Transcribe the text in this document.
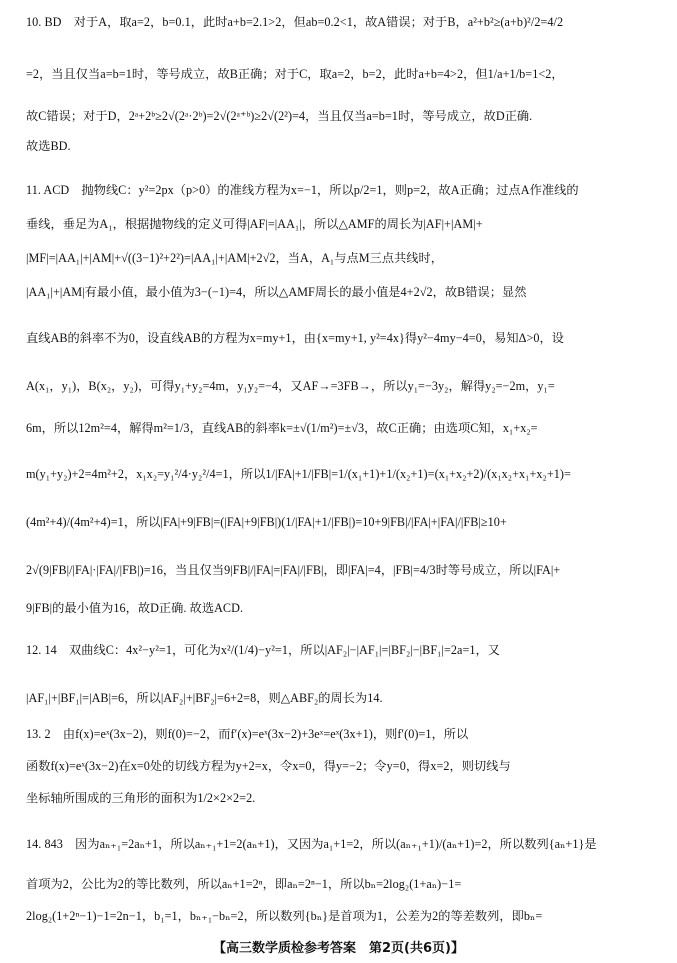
10. BD　对于A，取a=2，b=0.1，此时a+b=2.1>2，但ab=0.2<1，故A错误；对于B，a²+b²≥(a+b)²/2=4/2
=2，当且仅当a=b=1时，等号成立，故B正确；对于C，取a=2，b=2，此时a+b=4>2，但1/a+1/b=1<2，
故C错误；对于D，2ᵃ+2ᵇ≥2√(2ᵃ·2ᵇ)=2√(2ᵃ⁺ᵇ)≥2√(2²)=4，当且仅当a=b=1时，等号成立，故D正确.
故选BD.
11. ACD　抛物线C：y²=2px（p>0）的准线方程为x=−1，所以p/2=1，则p=2，故A正确；过点A作准线的
垂线，垂足为A₁，根据抛物线的定义可得|AF|=|AA₁|，所以△AMF的周长为|AF|+|AM|+
|MF|=|AA₁|+|AM|+√((3−1)²+2²)=|AA₁|+|AM|+2√2，当A，A₁与点M三点共线时，
|AA₁|+|AM|有最小值，最小值为3−(−1)=4，所以△AMF周长的最小值是4+2√2，故B错误；显然
直线AB的斜率不为0，设直线AB的方程为x=my+1，由{x=my+1, y²=4x}得y²−4my−4=0，易知Δ>0，设
A(x₁，y₁)，B(x₂，y₂)，可得y₁+y₂=4m，y₁y₂=−4，又AF→=3FB→，所以y₁=−3y₂，解得y₂=−2m，y₁=
6m，所以12m²=4，解得m²=1/3，直线AB的斜率k=±√(1/m²)=±√3，故C正确；由选项C知，x₁+x₂=
m(y₁+y₂)+2=4m²+2，x₁x₂=y₁²/4·y₂²/4=1，所以1/|FA|+1/|FB|=1/(x₁+1)+1/(x₂+1)=(x₁+x₂+2)/(x₁x₂+x₁+x₂+1)=
(4m²+4)/(4m²+4)=1，所以|FA|+9|FB|=(|FA|+9|FB|)(1/|FA|+1/|FB|)=10+9|FB|/|FA|+|FA|/|FB|≥10+
2√(9|FB|/|FA|·|FA|/|FB|)=16，当且仅当9|FB|/|FA|=|FA|/|FB|，即|FA|=4，|FB|=4/3时等号成立，所以|FA|+
9|FB|的最小值为16，故D正确. 故选ACD.
12. 14　双曲线C：4x²−y²=1，可化为x²/(1/4)−y²=1，所以|AF₂|−|AF₁|=|BF₂|−|BF₁|=2a=1，又
|AF₁|+|BF₁|=|AB|=6，所以|AF₂|+|BF₂|=6+2=8，则△ABF₂的周长为14.
13. 2　由f(x)=eˣ(3x−2)，则f(0)=−2，而f′(x)=eˣ(3x−2)+3eˣ=eˣ(3x+1)，则f′(0)=1，所以
函数f(x)=eˣ(3x−2)在x=0处的切线方程为y+2=x，令x=0，得y=−2；令y=0，得x=2，则切线与
坐标轴所围成的三角形的面积为1/2×2×2=2.
14. 843　因为aₙ₊₁=2aₙ+1，所以aₙ₊₁+1=2(aₙ+1)，又因为a₁+1=2，所以(aₙ₊₁+1)/(aₙ+1)=2，所以数列{aₙ+1}是
首项为2，公比为2的等比数列，所以aₙ+1=2ⁿ，即aₙ=2ⁿ−1，所以bₙ=2log₂(1+aₙ)−1=
2log₂(1+2ⁿ−1)−1=2n−1，b₁=1，bₙ₊₁−bₙ=2，所以数列{bₙ}是首项为1，公差为2的等差数列，即bₙ=
【高三数学质检参考答案　第2页(共6页)】
